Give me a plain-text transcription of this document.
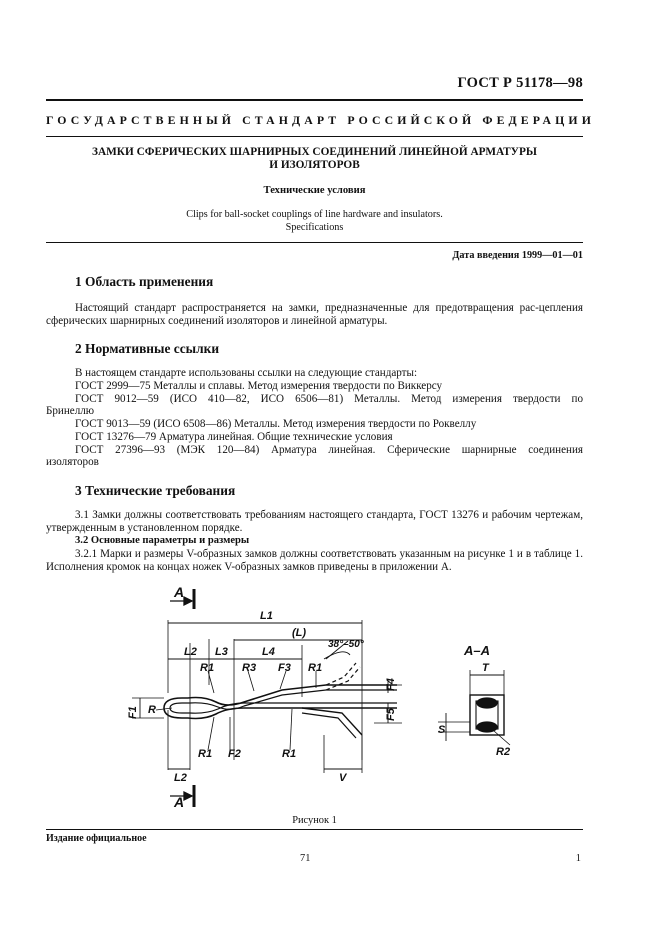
ГОСТ Р 51178—98
ГОСУДАРСТВЕННЫЙ СТАНДАРТ РОССИЙСКОЙ ФЕДЕРАЦИИ
ЗАМКИ СФЕРИЧЕСКИХ ШАРНИРНЫХ СОЕДИНЕНИЙ ЛИНЕЙНОЙ АРМАТУРЫ
И ИЗОЛЯТОРОВ
Технические условия
Clips for ball-socket couplings of line hardware and insulators.
Specifications
Дата введения 1999—01—01
1 Область применения
Настоящий стандарт распространяется на замки, предназначенные для предотвращения рас-цепления сферических шарнирных соединений изоляторов и линейной арматуры.
2 Нормативные ссылки
В настоящем стандарте использованы ссылки на следующие стандарты:
ГОСТ 2999—75 Металлы и сплавы. Метод измерения твердости по Виккерсу
ГОСТ 9012—59 (ИСО 410—82, ИСО 6506—81) Металлы. Метод измерения твердости по
Бринеллю
ГОСТ 9013—59 (ИСО 6508—86) Металлы. Метод измерения твердости по Роквеллу
ГОСТ 13276—79 Арматура линейная. Общие технические условия
ГОСТ 27396—93 (МЭК 120—84) Арматура линейная. Сферические шарнирные соединения
изоляторов
3 Технические требования
3.1 Замки должны соответствовать требованиям настоящего стандарта, ГОСТ 13276 и рабочим чертежам, утвержденным в установленном порядке.
3.2 Основные параметры и размеры
3.2.1 Марки и размеры V-образных замков должны соответствовать указанным на рисунке 1 и в таблице 1. Исполнения кромок на концах ножек V-образных замков приведены в приложении А.
A
A
L1
(L)
38°–50°
L2 L3	L4
R1	R3 F3 R1
F4
F1 R
R1 F2	R1
F5
L2	V
A–A
T
S
R2
Рисунок 1
Издание официальное
71	1
